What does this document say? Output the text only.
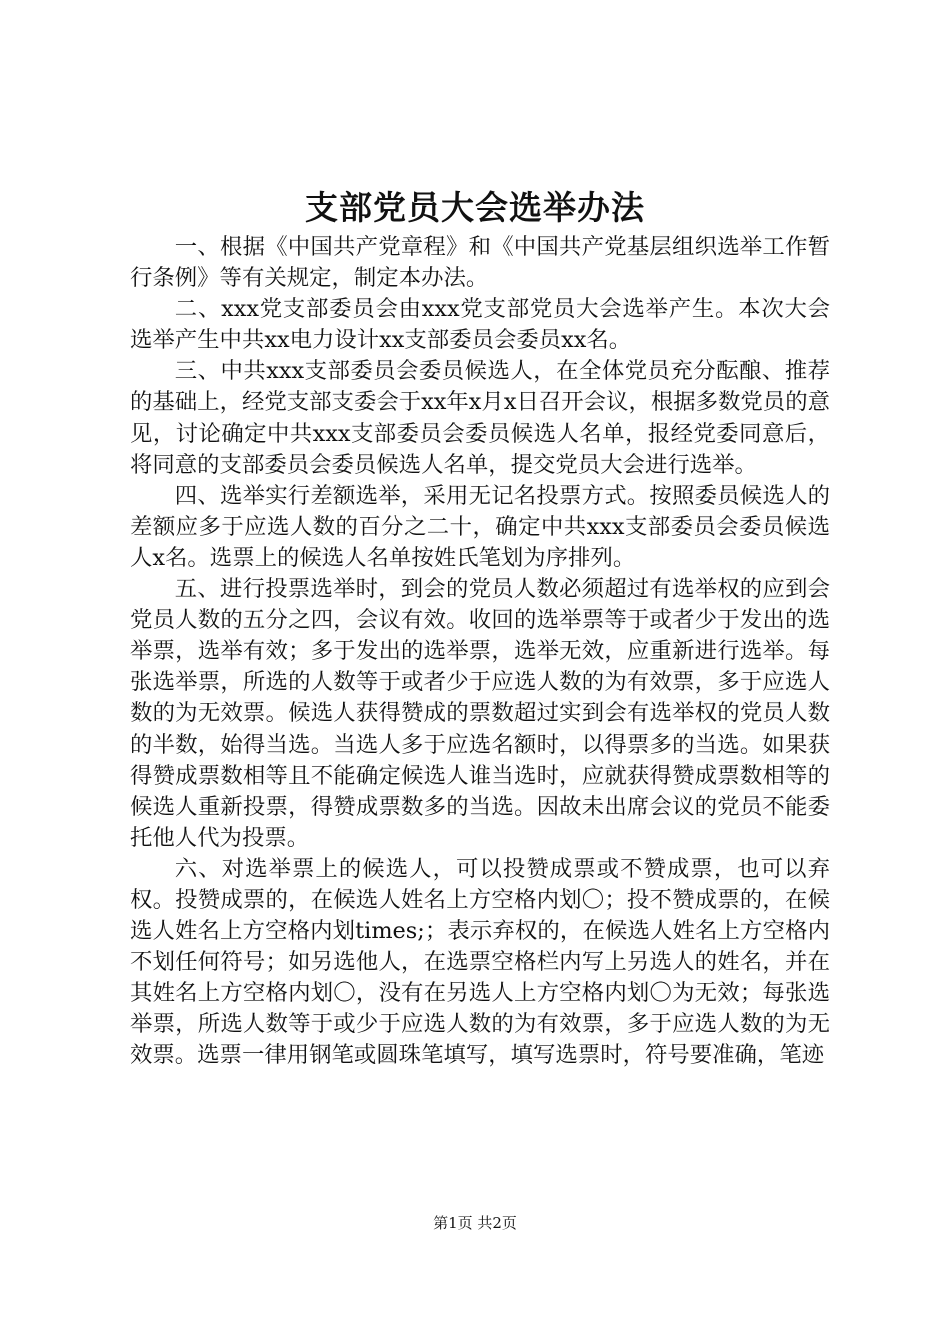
支部党员大会选举办法

一、根据《中国共产党章程》和《中国共产党基层组织选举工作暂行条例》等有关规定，制定本办法。

二、xxx党支部委员会由xxx党支部党员大会选举产生。本次大会选举产生中共xx电力设计xx支部委员会委员xx名。

三、中共xxx支部委员会委员候选人，在全体党员充分酝酿、推荐的基础上，经党支部支委会于xx年x月x日召开会议，根据多数党员的意见，讨论确定中共xxx支部委员会委员候选人名单，报经党委同意后，将同意的支部委员会委员候选人名单，提交党员大会进行选举。

四、选举实行差额选举，采用无记名投票方式。按照委员候选人的差额应多于应选人数的百分之二十，确定中共xxx支部委员会委员候选人x名。选票上的候选人名单按姓氏笔划为序排列。

五、进行投票选举时，到会的党员人数必须超过有选举权的应到会党员人数的五分之四，会议有效。收回的选举票等于或者少于发出的选举票，选举有效；多于发出的选举票，选举无效，应重新进行选举。每张选举票，所选的人数等于或者少于应选人数的为有效票，多于应选人数的为无效票。候选人获得赞成的票数超过实到会有选举权的党员人数的半数，始得当选。当选人多于应选名额时，以得票多的当选。如果获得赞成票数相等且不能确定候选人谁当选时，应就获得赞成票数相等的候选人重新投票，得赞成票数多的当选。因故未出席会议的党员不能委托他人代为投票。

六、对选举票上的候选人，可以投赞成票或不赞成票，也可以弃权。投赞成票的，在候选人姓名上方空格内划〇；投不赞成票的，在候选人姓名上方空格内划times;；表示弃权的，在候选人姓名上方空格内不划任何符号；如另选他人，在选票空格栏内写上另选人的姓名，并在其姓名上方空格内划〇，没有在另选人上方空格内划〇为无效；每张选举票，所选人数等于或少于应选人数的为有效票，多于应选人数的为无效票。选票一律用钢笔或圆珠笔填写，填写选票时，符号要准确，笔迹

第1页 共2页
